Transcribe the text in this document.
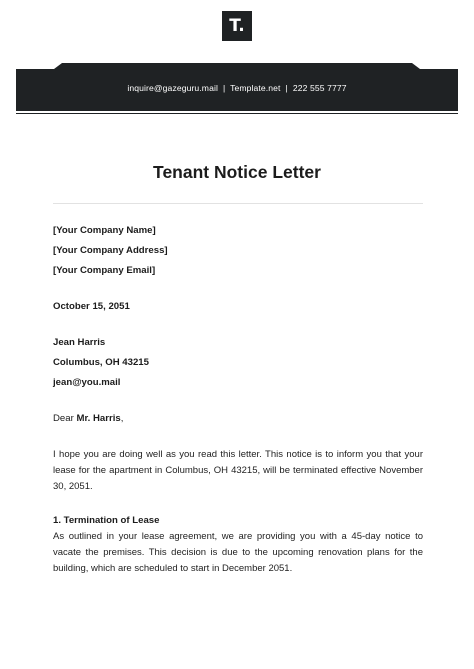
T.
inquire@gazeguru.mail | Template.net | 222 555 7777
Tenant Notice Letter
[Your Company Name]
[Your Company Address]
[Your Company Email]
October 15, 2051
Jean Harris
Columbus, OH 43215
jean@you.mail
Dear Mr. Harris,
I hope you are doing well as you read this letter. This notice is to inform you that your lease for the apartment in Columbus, OH 43215, will be terminated effective November 30, 2051.
1. Termination of Lease
As outlined in your lease agreement, we are providing you with a 45-day notice to vacate the premises. This decision is due to the upcoming renovation plans for the building, which are scheduled to start in December 2051.
